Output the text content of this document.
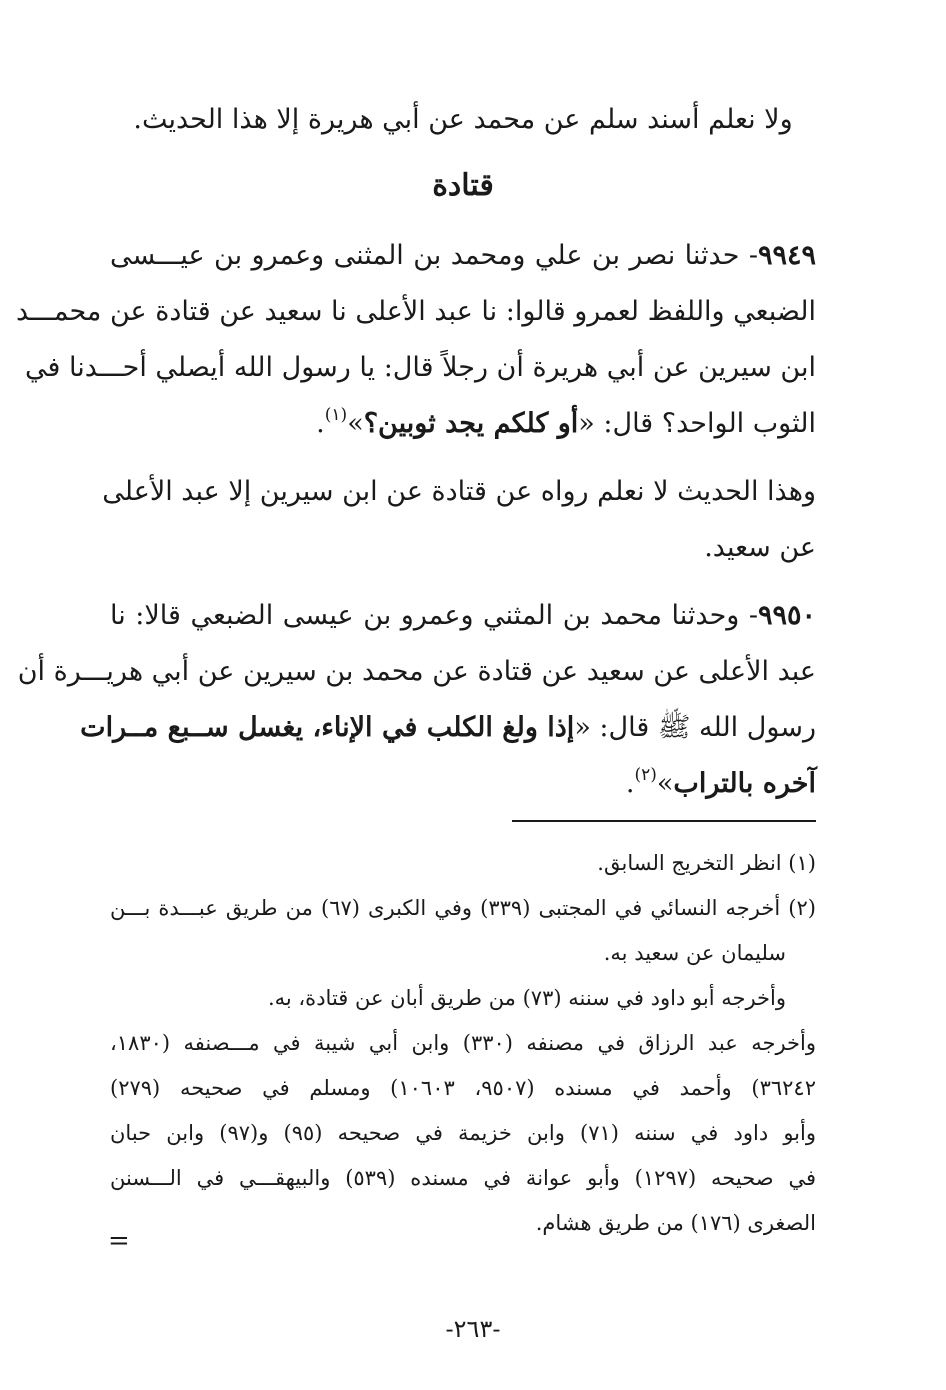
ولا نعلم أسند سلم عن محمد عن أبي هريرة إلا هذا الحديث.
قتادة
٩٩٤٩- حدثنا نصر بن علي ومحمد بن المثنى وعمرو بن عيـــسى
الضبعي واللفظ لعمرو قالوا: نا عبد الأعلى نا سعيد عن قتادة عن محمـــد
ابن سيرين عن أبي هريرة أن رجلاً قال: يا رسول الله أيصلي أحـــدنا في
الثوب الواحد؟ قال: «أو كلكم يجد ثوبين؟»$^{(١)}$.
وهذا الحديث لا نعلم رواه عن قتادة عن ابن سيرين إلا عبد الأعلى
عن سعيد.
٩٩٥٠- وحدثنا محمد بن المثني وعمرو بن عيسى الضبعي قالا: نا
عبد الأعلى عن سعيد عن قتادة عن محمد بن سيرين عن أبي هريـــرة أن
رسول الله ﷺ قال: «إذا ولغ الكلب في الإناء، يغسل ســبع مــرات
آخره بالتراب»$^{(٢)}$.
(١) انظر التخريج السابق.
(٢) أخرجه النسائي في المجتبى (٣٣٩) وفي الكبرى (٦٧) من طريق عبـــدة بـــن
سليمان عن سعيد به.
وأخرجه أبو داود في سننه (٧٣) من طريق أبان عن قتادة، به.
وأخرجه عبد الرزاق في مصنفه (٣٣٠) وابن أبي شيبة في مـــصنفه (١٨٣٠،
٣٦٢٤٢) وأحمد في مسنده (٩٥٠٧، ١٠٦٠٣) ومسلم في صحيحه (٢٧٩)
وأبو داود في سننه (٧١) وابن خزيمة في صحيحه (٩٥) و(٩٧) وابن حبان
في صحيحه (١٢٩٧) وأبو عوانة في مسنده (٥٣٩) والبيهقـــي في الـــسنن
الصغرى (١٧٦) من طريق هشام.
=
-٢٦٣-
